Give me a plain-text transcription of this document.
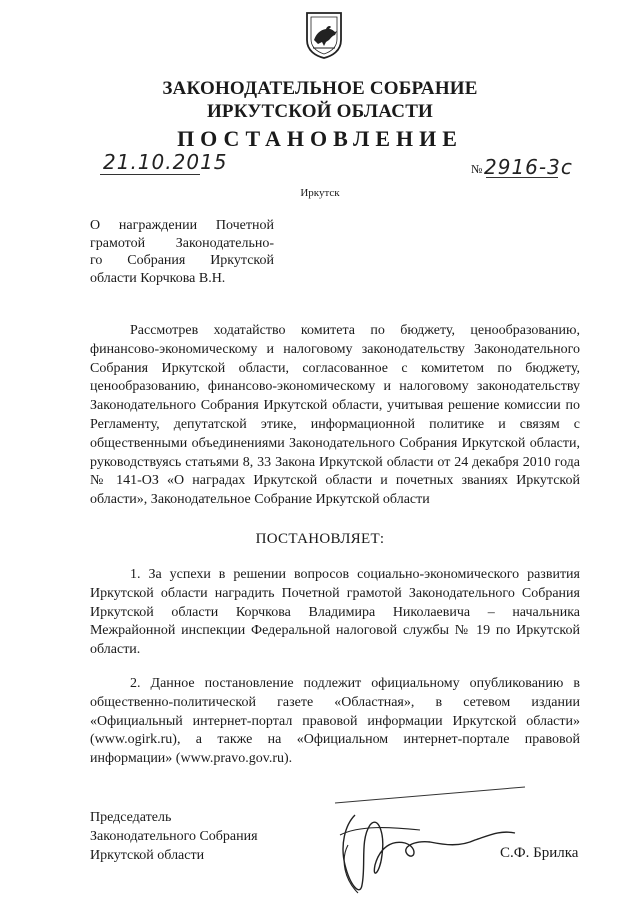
ЗАКОНОДАТЕЛЬНОЕ СОБРАНИЕ
ИРКУТСКОЙ ОБЛАСТИ
ПОСТАНОВЛЕНИЕ
21.10.2015	№ 2916-3с
Иркутск
О награждении Почетной
грамотой Законодательно-
го Собрания Иркутской
области Корчкова В.Н.
Рассмотрев ходатайство комитета по бюджету, ценообразованию, финансово-экономическому и налоговому законодательству Законодательного Собрания Иркутской области, согласованное с комитетом по бюджету, ценообразованию, финансово-экономическому и налоговому законодательству Законодательного Собрания Иркутской области, учитывая решение комиссии по Регламенту, депутатской этике, информационной политике и связям с общественными объединениями Законодательного Собрания Иркутской области, руководствуясь статьями 8, 33 Закона Иркутской области от 24 декабря 2010 года № 141-ОЗ «О наградах Иркутской области и почетных званиях Иркутской области», Законодательное Собрание Иркутской области
ПОСТАНОВЛЯЕТ:
1. За успехи в решении вопросов социально-экономического развития Иркутской области наградить Почетной грамотой Законодательного Собрания Иркутской области Корчкова Владимира Николаевича – начальника Межрайонной инспекции Федеральной налоговой службы № 19 по Иркутской области.
2. Данное постановление подлежит официальному опубликованию в общественно-политической газете «Областная», в сетевом издании «Официальный интернет-портал правовой информации Иркутской области» (www.ogirk.ru), а также на «Официальном интернет-портале правовой информации» (www.pravo.gov.ru).
Председатель
Законодательного Собрания
Иркутской области	С.Ф. Брилка
